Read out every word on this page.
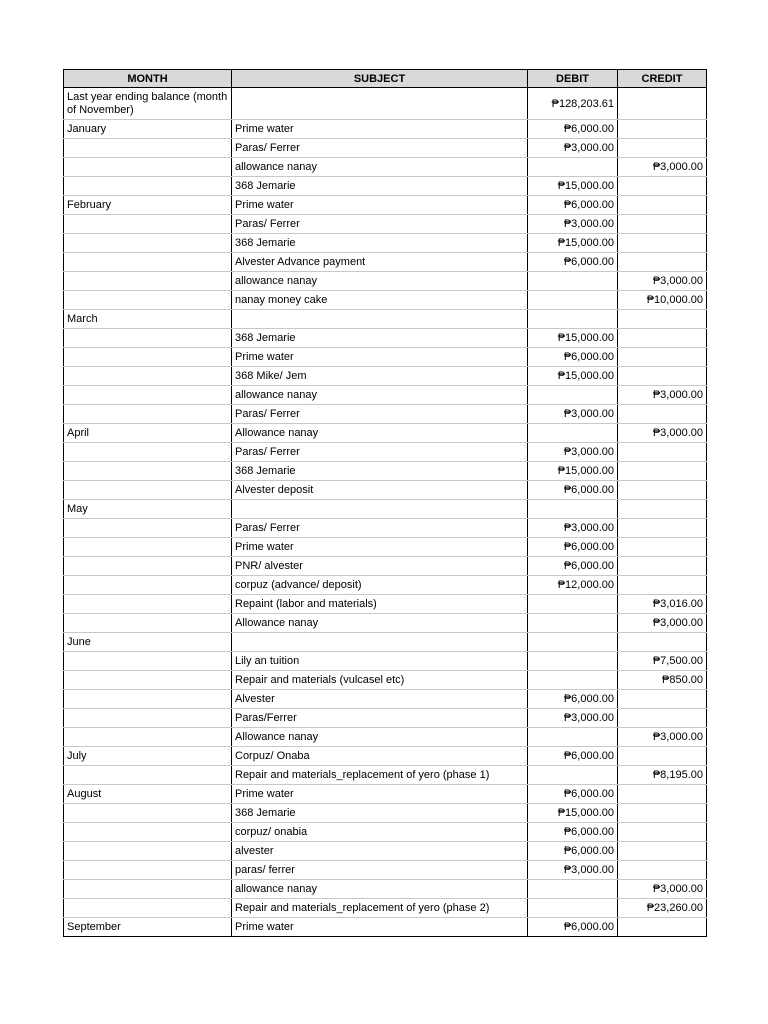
MONTH	SUBJECT	DEBIT	CREDIT
Last year ending balance (month of November)		₱128,203.61	
January	Prime water	₱6,000.00	
	Paras/ Ferrer	₱3,000.00	
	allowance nanay		₱3,000.00
	368 Jemarie	₱15,000.00	
February	Prime water	₱6,000.00	
	Paras/ Ferrer	₱3,000.00	
	368 Jemarie	₱15,000.00	
	Alvester Advance payment	₱6,000.00	
	allowance nanay		₱3,000.00
	nanay money cake		₱10,000.00
March			
	368 Jemarie	₱15,000.00	
	Prime water	₱6,000.00	
	368 Mike/ Jem	₱15,000.00	
	allowance nanay		₱3,000.00
	Paras/ Ferrer	₱3,000.00	
April	Allowance nanay		₱3,000.00
	Paras/ Ferrer	₱3,000.00	
	368 Jemarie	₱15,000.00	
	Alvester deposit	₱6,000.00	
May			
	Paras/ Ferrer	₱3,000.00	
	Prime water	₱6,000.00	
	PNR/ alvester	₱6,000.00	
	corpuz (advance/ deposit)	₱12,000.00	
	Repaint (labor and materials)		₱3,016.00
	Allowance nanay		₱3,000.00
June			
	Lily an tuition		₱7,500.00
	Repair and materials (vulcasel etc)		₱850.00
	Alvester	₱6,000.00	
	Paras/Ferrer	₱3,000.00	
	Allowance nanay		₱3,000.00
July	Corpuz/ Onaba	₱6,000.00	
	Repair and materials_replacement of yero (phase 1)		₱8,195.00
August	Prime water	₱6,000.00	
	368 Jemarie	₱15,000.00	
	corpuz/ onabia	₱6,000.00	
	alvester	₱6,000.00	
	paras/ ferrer	₱3,000.00	
	allowance nanay		₱3,000.00
	Repair and materials_replacement of yero (phase 2)		₱23,260.00
September	Prime water	₱6,000.00	
